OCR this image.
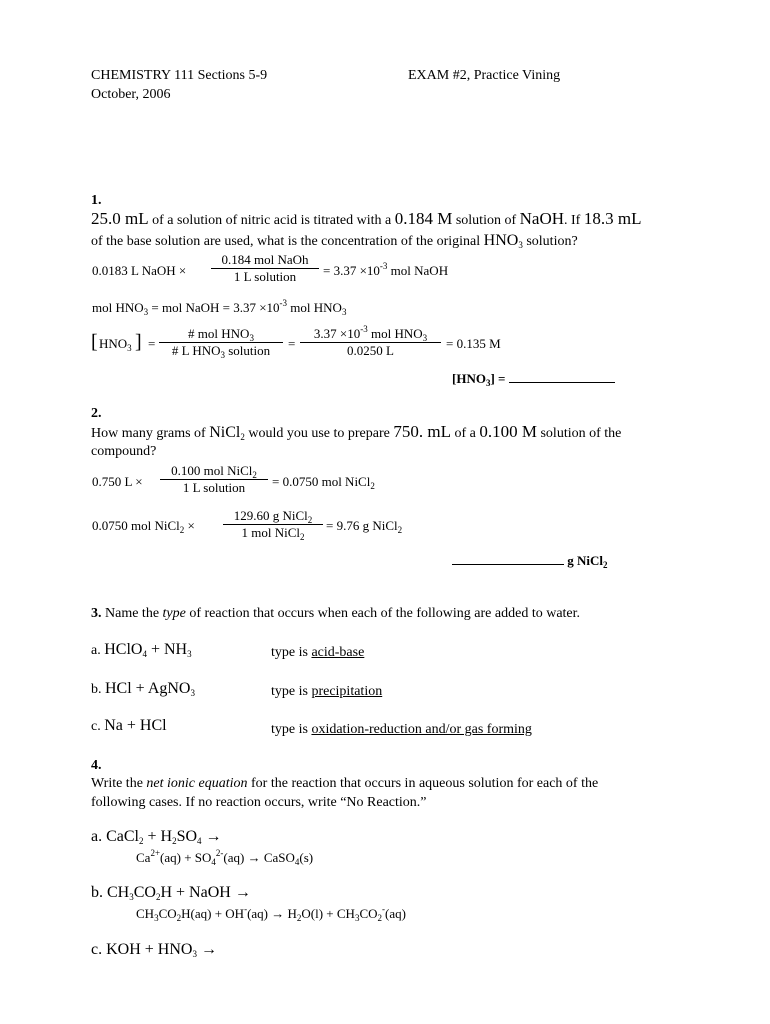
CHEMISTRY 111 Sections 5-9	EXAM #2, Practice Vining
October, 2006
1.
25.0 mL of a solution of nitric acid is titrated with a 0.184 M solution of NaOH. If 18.3 mL
of the base solution are used, what is the concentration of the original $HNO_3$ solution?
0.0183 L NaOH ×
0.184 mol NaOh
1 L solution	= $3.37 \times 10^{-3}$ mol NaOH
mol $HNO_3$ = mol NaOH = $3.37 \times 10^{-3}$ mol $HNO_3$
[ $HNO_3$ ] =
# mol $HNO_3$
# L $HNO_3$ solution	=
$3.37 \times 10^{-3}$ mol $HNO_3$
0.0250 L	= 0.135 M
$[HNO_3]$ =
2.
How many grams of NiCl$_2$ would you use to prepare 750. mL of a 0.100 M solution of the
compound?
0.750 L ×
0.100 mol NiCl$_2$
1 L solution	= 0.0750 mol NiCl$_2$
0.0750 mol NiCl$_2$ ×
129.60 g NiCl$_2$
1 mol NiCl$_2$
= 9.76 g NiCl$_2$
g NiCl$_2$
3. Name the type of reaction that occurs when each of the following are added to water.
a. HClO$_4$ + $NH_3$	type is acid-base
b. HCl + AgNO$_3$	type is precipitation
c. Na + HCl	type is oxidation-reduction and/or gas forming
4.
Write the net ionic equation for the reaction that occurs in aqueous solution for each of the
following cases. If no reaction occurs, write “No Reaction.”
a. CaCl$_2$ + $H_2SO_4$ →
$Ca^{2+}(aq) + SO_4^{2-}(aq)$ → CaSO$_4$(s)
b. $CH_3CO_2H$ + NaOH →
$CH_3CO_2H(aq) + OH^-(aq) \to H_2O(l) + CH_3CO_2^-(aq)$
c. KOH + $HNO_3$ →
